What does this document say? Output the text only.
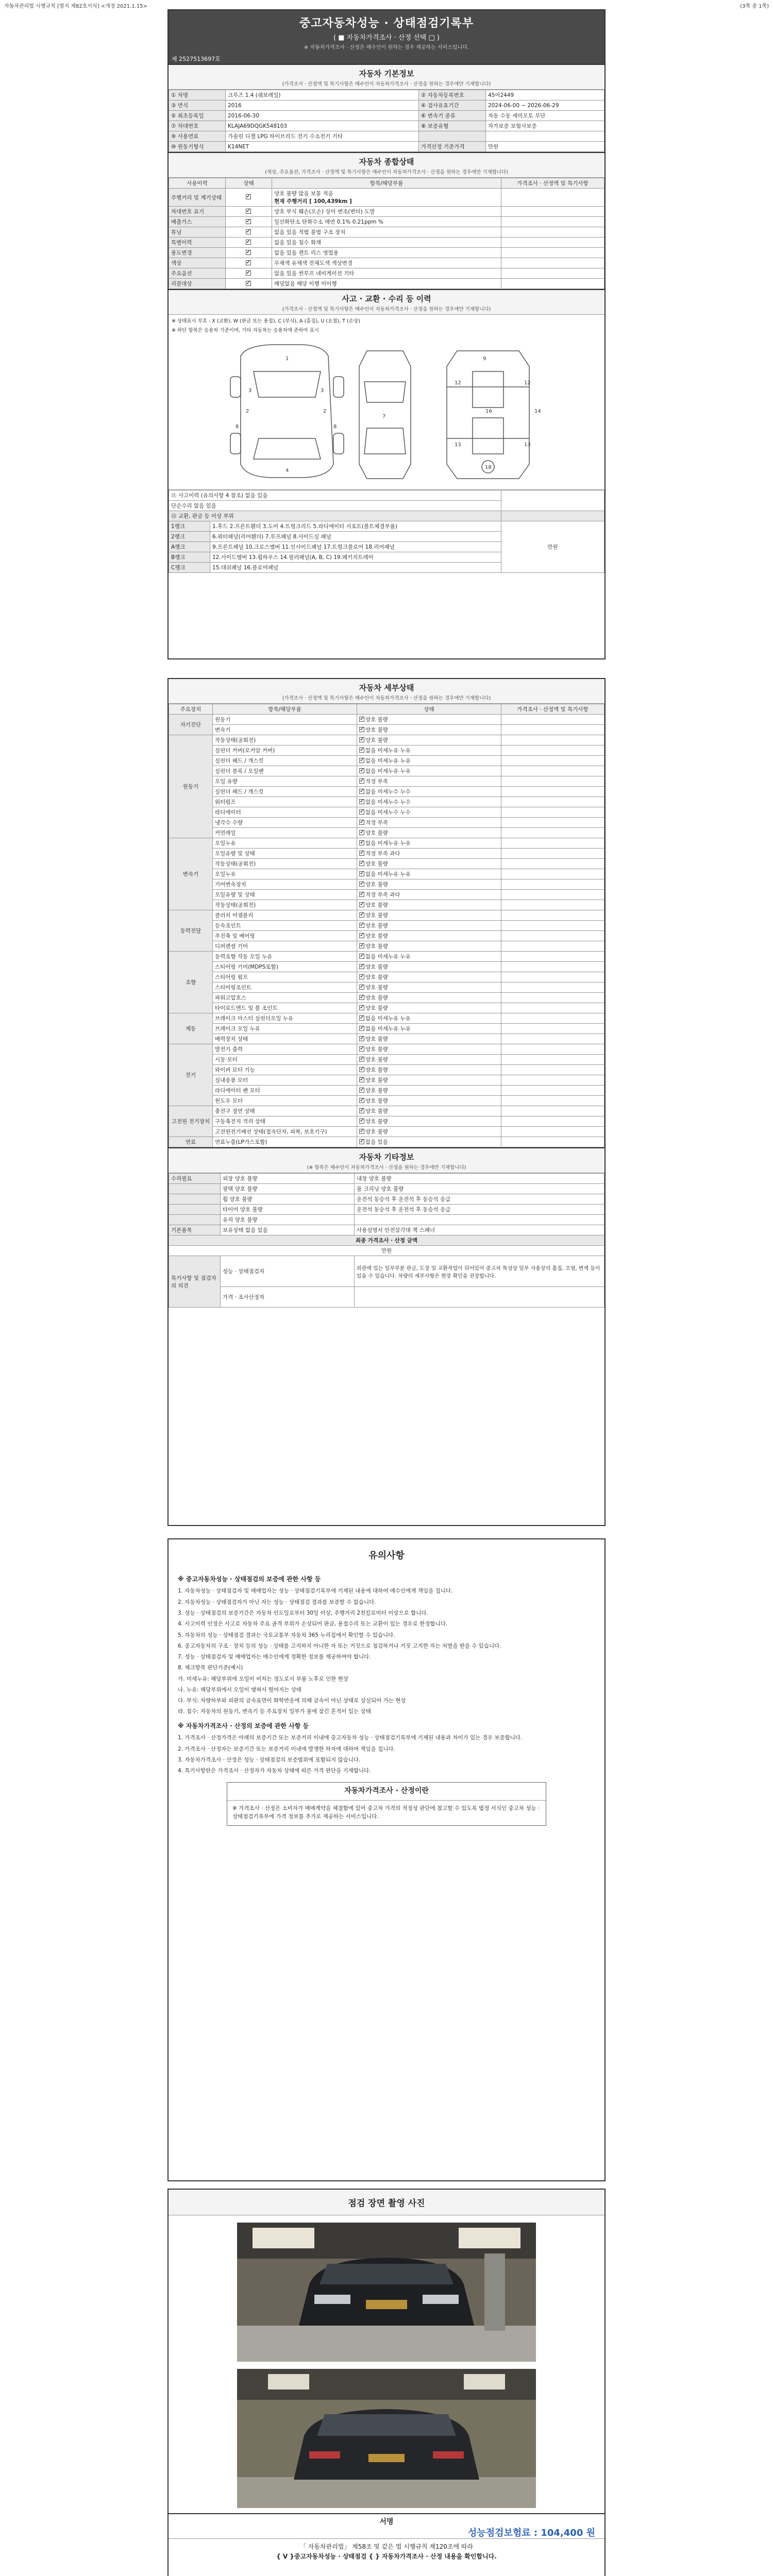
자동차관리법 시행규칙 [별지 제82호서식] <개정 2021.1.15>	(3쪽 중 1쪽)
중고자동차성능 · 상태점검기록부
( ■ 자동차가격조사 · 산정 선택 □ )
※ 자동차가격조사 · 산정은 매수인이 원하는 경우 제공하는 서비스입니다.
제 2527513697호
자동차 기본정보
(가격조사 · 산정액 및 특기사항은 매수인이 자동차가격조사 · 산정을 원하는 경우에만 기재합니다)
① 차명	크루즈 1.4 (쉐보레일)	② 자동차등록번호	45어2449
③ 연식	2016	④ 검사유효기간	2024-06-00 ~ 2026-06-29
⑤ 최초등록일	2016-06-30	⑥ 변속기 종류	자동 수동 세미오토 무단
⑦ 차대번호	KLAJA69DQGK548103	⑧ 보증유형	자가보증 보험사보증
⑨ 사용연료	가솔린 디젤 LPG 하이브리드 전기 수소전기 기타		
⑩ 원동기형식	K14NET	가격산정 기준가격	만원
자동차 종합상태
(색상, 주요옵션, 가격조사 · 산정액 및 특기사항은 매수인이 자동차가격조사 · 산정을 원하는 경우에만 기재합니다)
사용이력	상태	항목/해당부품	가격조사 · 산정액 및 특기사항
주행거리 및 계기상태	✓	양호 불량 많음 보통 적음
현재 주행거리 [ 100,439km ]	

차대번호 표기	✓	양호 부식 훼손(오손) 상이 변조(변타) 도말	
배출가스	✓	일산화탄소 탄화수소 매연 0.1% 0.21ppm %	
튜닝	✓	없음 있음 적법 불법 구조 장치	
특별이력	✓	없음 있음 침수 화재	
용도변경	✓	없음 있음 렌트 리스 영업용	
색상	✓	무채색 유채색 전체도색 색상변경	
주요옵션	✓	없음 있음 썬루프 네비게이션 기타	
리콜대상	✓	해당없음 해당 이행 미이행	
사고 · 교환 · 수리 등 이력
(가격조사 · 산정액 및 특기사항은 매수인이 자동차가격조사 · 산정을 원하는 경우에만 기재합니다)
※ 상태표시 부호 : X (교환), W (판금 또는 용접), C (부식), A (흠집), U (요철), T (손상)
※ 하단 항목은 승용차 기준이며, 기타 자동차는 승용차에 준하여 표시
1
2	2
3	3
4
7
8	8
9
12	12
16
13	13
18
14
⑪ 사고이력 (유의사항 4 참조) 없음 있음		
단순수리 없음 있음		
⑫ 교환, 판금 등 이상 부위		
1랭크	1.후드 2.프론트휀더 3.도어 4.트렁크리드 5.라디에이터 서포트(볼트체결부품)	만원
2랭크	6.쿼터패널(리어휀더) 7.루프패널 8.사이드실 패널	
A랭크	9.프론트패널 10.크로스멤버 11.인사이드패널 17.트렁크플로어 18.리어패널	
B랭크	12.사이드멤버 13.휠하우스 14.필러패널(A, B, C) 19.패키지트레이	
C랭크	15.대쉬패널 16.플로어패널	
자동차 세부상태
(가격조사 · 산정액 및 특기사항은 매수인이 자동차가격조사 · 산정을 원하는 경우에만 기재합니다)
주요장치	항목/해당부품	상태	가격조사 · 산정액 및 특기사항
자기진단	원동기	✓양호 불량	
	변속기	✓양호 불량	
원동기	작동상태(공회전)	✓양호 불량	
	실린더 커버(로커암 커버)	✓없음 미세누유 누유	
	실린더 헤드 / 개스킷	✓없음 미세누유 누유	
	실린더 블록 / 오일팬	✓없음 미세누유 누유	
	오일 유량	✓적정 부족	
	실린더 헤드 / 개스킷	✓없음 미세누수 누수	
	워터펌프	✓없음 미세누수 누수	
	라디에이터	✓없음 미세누수 누수	
	냉각수 수량	✓적정 부족	
	커먼레일	✓양호 불량	
변속기	오일누유	✓없음 미세누유 누유	
	오일유량 및 상태	✓적정 부족 과다	
	작동상태(공회전)	✓양호 불량	
	오일누유	✓없음 미세누유 누유	
	기어변속장치	✓양호 불량	
	오일유량 및 상태	✓적정 부족 과다	
	작동상태(공회전)	✓양호 불량	
동력전달	클러치 어셈블리	✓양호 불량	
	등속조인트	✓양호 불량	
	추진축 및 베어링	✓양호 불량	
	디퍼렌셜 기어	✓양호 불량	
조향	동력조향 작동 오일 누유	✓없음 미세누유 누유	
	스티어링 기어(MDPS포함)	✓양호 불량	
	스티어링 펌프	✓양호 불량	
	스티어링조인트	✓양호 불량	
	파워고압호스	✓양호 불량	
	타이로드엔드 및 볼 조인트	✓양호 불량	
제동	브레이크 마스터 실린더오일 누유	✓없음 미세누유 누유	
	브레이크 오일 누유	✓없음 미세누유 누유	
	배력장치 상태	✓양호 불량	
전기	발전기 출력	✓양호 불량	
	시동 모터	✓양호 불량	
	와이퍼 모터 기능	✓양호 불량	
	실내송풍 모터	✓양호 불량	
	라디에이터 팬 모터	✓양호 불량	
	윈도우 모터	✓양호 불량	
고전원 전기장치	충전구 절연 상태	✓양호 불량	
	구동축전지 격리 상태	✓양호 불량	
	고전원전기배선 상태(접속단자, 피복, 보호기구)	✓양호 불량	
연료	연료누출(LP가스포함)	✓없음 있음	
자동차 기타정보
(※ 항목은 매수인이 자동차가격조사 · 산정을 원하는 경우에만 기재합니다)
수리필요	외장 양호 불량	내장 양호 불량
	광택 양호 불량	룸 크리닝 양호 불량
	휠 양호 불량	운전석 동승석 후 운전석 후 동승석 응급
	타이어 양호 불량	운전석 동승석 후 운전석 후 동승석 응급
	유리 양호 불량	
기본품목	보유상태 없음 있음	사용설명서 안전삼각대 잭 스패너
최종 가격조사 · 산정 금액		
만원		
특기사항 및 점검자의 의견	성능 · 상태점검자	외관에 있는 일부부분 판금, 도장 및 교환작업이 되어있어 중고차 특성상 일부 사용상의 흠집, 오염, 변색 등이 있을 수 있습니다. 차량의 세부사항은 현장 확인을 권장합니다.
	가격 · 조사산정자	
유의사항
※ 중고자동차성능 · 상태점검의 보증에 관한 사항 등

1. 자동차성능 · 상태점검자 및 매매업자는 성능 · 상태점검기록부에 기재된 내용에 대하여 매수인에게 책임을 집니다.

2. 자동차성능 · 상태점검자가 아닌 자는 성능 · 상태점검 결과를 보증할 수 없습니다.

3. 성능 · 상태점검의 보증기간은 자동차 인도일로부터 30일 이상, 주행거리 2천킬로미터 이상으로 합니다.

4. 사고이력 인정은 사고로 자동차 주요 골격 부위가 손상되어 판금, 용접수리 또는 교환이 있는 경우로 한정합니다.

5. 자동차의 성능 · 상태점검 결과는 국토교통부 자동차 365 누리집에서 확인할 수 있습니다.

6. 중고자동차의 구조 · 장치 등의 성능 · 상태를 고지하지 아니한 자 또는 거짓으로 점검하거나 거짓 고지한 자는 처벌을 받을 수 있습니다.

7. 성능 · 상태점검자 및 매매업자는 매수인에게 정확한 정보를 제공하여야 합니다.

8. 체크항목 판단기준(예시)

가. 미세누유: 해당부위에 오일이 비치는 정도로서 부품 노후로 인한 현상

나. 누유: 해당부위에서 오일이 맺혀서 떨어지는 상태

다. 부식: 차량하부와 외판의 금속표면이 화학반응에 의해 금속이 아닌 상태로 상실되어 가는 현상

라. 침수: 자동차의 원동기, 변속기 등 주요장치 일부가 물에 잠긴 흔적이 있는 상태

※ 자동차가격조사 · 산정의 보증에 관한 사항 등

1. 가격조사 · 산정가격은 아래의 보증기간 또는 보증거리 이내에 중고자동차 성능 · 상태점검기록부에 기재된 내용과 차이가 있는 경우 보증합니다.

2. 가격조사 · 산정자는 보증기간 또는 보증거리 이내에 발생한 하자에 대하여 책임을 집니다.

3. 자동차가격조사 · 산정은 성능 · 상태점검의 보증범위에 포함되지 않습니다.

4. 특기사항란은 가격조사 · 산정자가 자동차 상태에 따른 가격 판단을 기재합니다.

자동차가격조사 · 산정이란
※ 가격조사 · 산정은 소비자가 매매계약을 체결함에 있어 중고차 가격의 적정성 판단에 참고할 수 있도록 법정 서식인 중고차 성능 · 상태점검기록부에 가격 정보를 추가로 제공하는 서비스입니다.
점검 장면 촬영 사진
서명
성능점검보험료 : 104,400 원
「 자동차관리법」 제58조 및 같은 법 시행규칙 제120조에 따라
{ V }중고자동차성능 · 상태점검 { } 자동차가격조사 · 산정 내용을 확인합니다.
